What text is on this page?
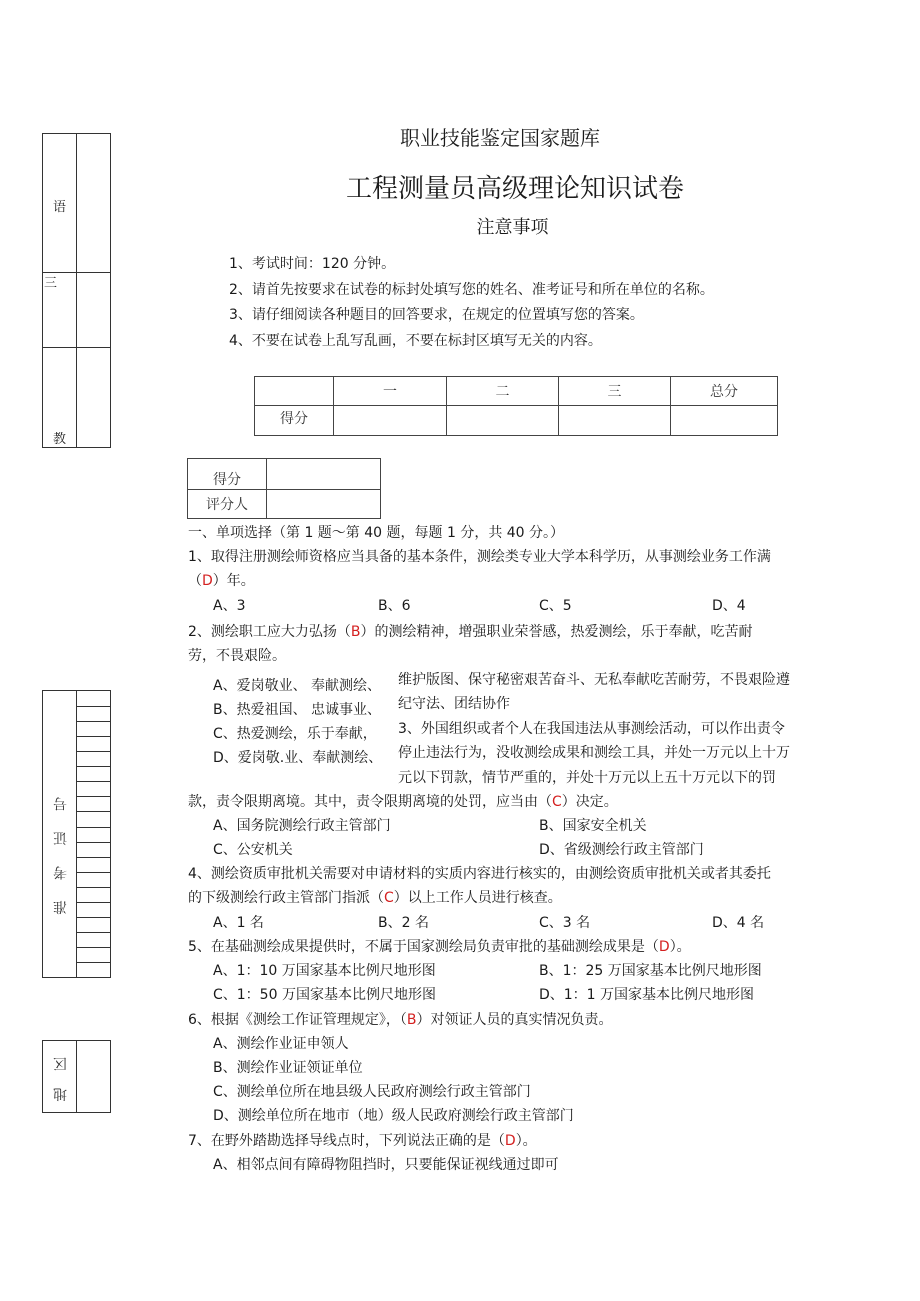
语
三
教
准 考 证 号
地 区
职业技能鉴定国家题库
工程测量员高级理论知识试卷
注意事项
1、考试时间：120 分钟。
2、请首先按要求在试卷的标封处填写您的姓名、准考证号和所在单位的名称。
3、请仔细阅读各种题目的回答要求，在规定的位置填写您的答案。
4、不要在试卷上乱写乱画，不要在标封区填写无关的内容。
	一	二	三	总分
得分				
得分	
评分人	
一、单项选择（第 1 题～第 40 题，每题 1 分，共 40 分。）
1、取得注册测绘师资格应当具备的基本条件，测绘类专业大学本科学历，从事测绘业务工作满
（D）年。
A、3	B、6	C、5	D、4
2、测绘职工应大力弘扬（B）的测绘精神，增强职业荣誉感，热爱测绘，乐于奉献，吃苦耐
劳，不畏艰险。
A、爱岗敬业、 奉献测绘、
B、热爱祖国、 忠诚事业、
C、热爱测绘，乐于奉献，
D、爱岗敬.业、奉献测绘、
维护版图、保守秘密艰苦奋斗、无私奉献吃苦耐劳，不畏艰险遵
纪守法、团结协作
3、外国组织或者个人在我国违法从事测绘活动，可以作出责令
停止违法行为，没收测绘成果和测绘工具，并处一万元以上十万
元以下罚款，情节严重的，并处十万元以上五十万元以下的罚
款，责令限期离境。其中，责令限期离境的处罚，应当由（C）决定。
A、国务院测绘行政主管部门	B、国家安全机关
C、公安机关	D、省级测绘行政主管部门
4、测绘资质审批机关需要对申请材料的实质内容进行核实的，由测绘资质审批机关或者其委托
的下级测绘行政主管部门指派（C）以上工作人员进行核查。
A、1 名	B、2 名	C、3 名	D、4 名
5、在基础测绘成果提供时，不属于国家测绘局负责审批的基础测绘成果是（D）。
A、1：10 万国家基本比例尺地形图	B、1：25 万国家基本比例尺地形图
C、1：50 万国家基本比例尺地形图	D、1：1 万国家基本比例尺地形图
6、根据《测绘工作证管理规定》，（B）对领证人员的真实情况负责。
A、测绘作业证申领人
B、测绘作业证领证单位
C、测绘单位所在地县级人民政府测绘行政主管部门
D、测绘单位所在地市（地）级人民政府测绘行政主管部门
7、在野外踏勘选择导线点时，下列说法正确的是（D）。
A、相邻点间有障碍物阻挡时，只要能保证视线通过即可
